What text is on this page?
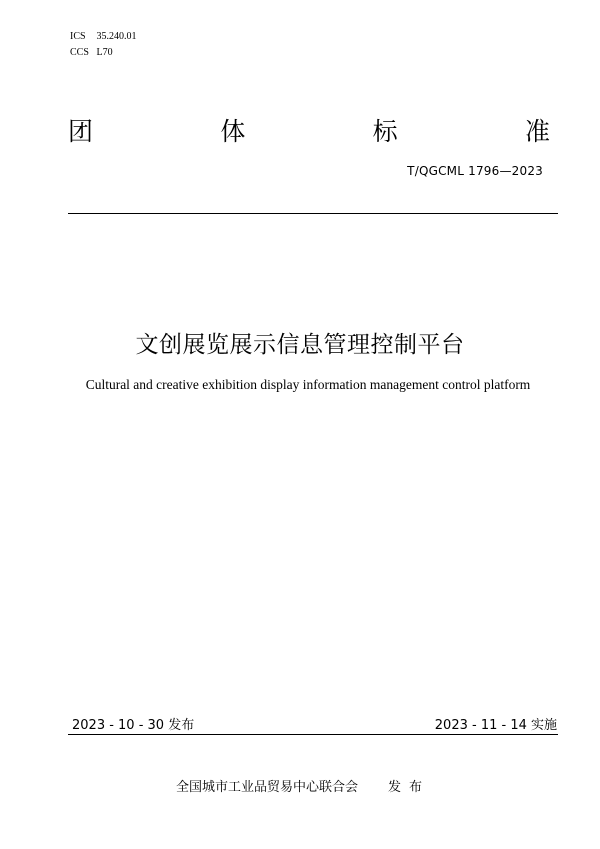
ICS 35.240.01
CCS L70
团	体	标	准
T/QGCML 1796—2023
文创展览展示信息管理控制平台
Cultural and creative exhibition display information management control platform
2023 - 10 - 30 发布	2023 - 11 - 14 实施
全国城市工业品贸易中心联合会 发布
